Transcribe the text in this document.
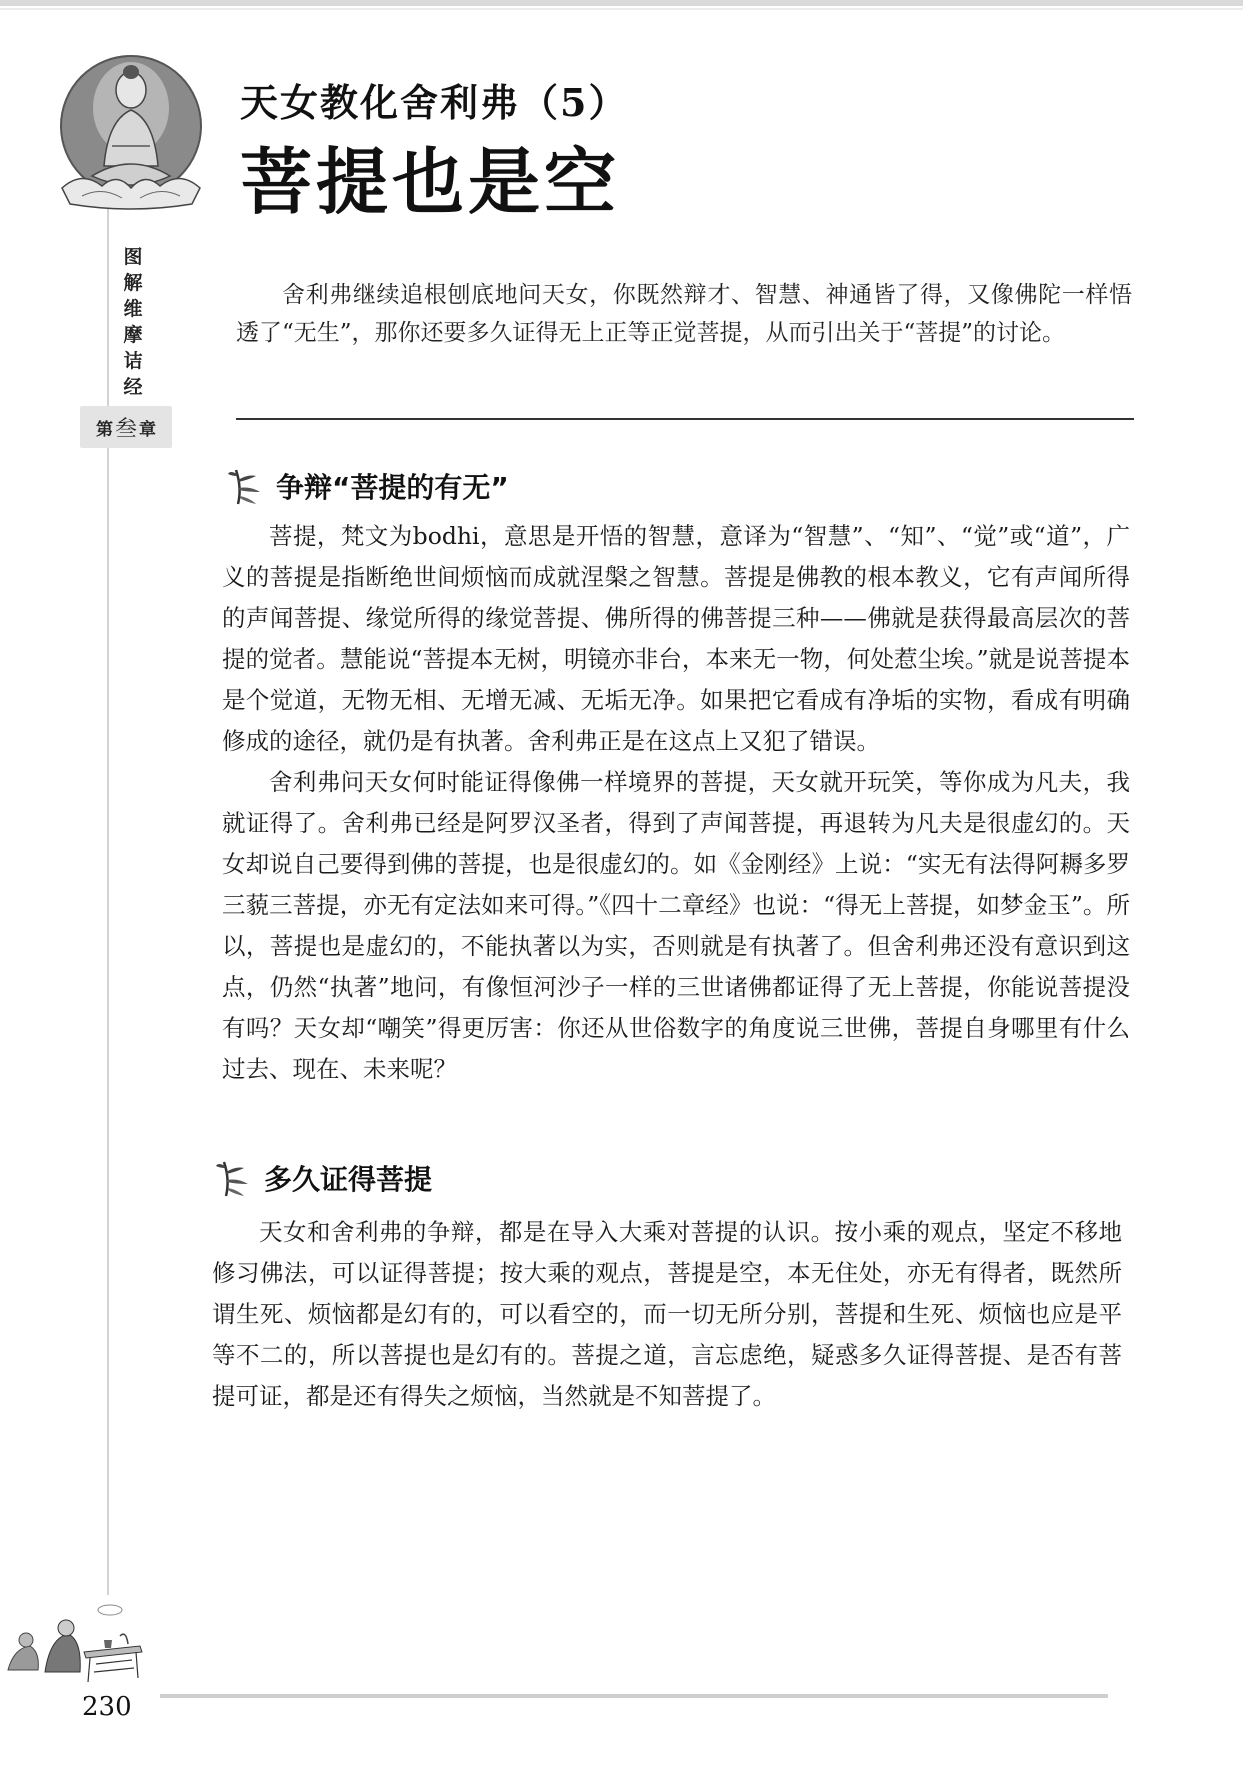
图
解
维
摩
诘
经
第 叁 章
天女教化舍利弗（5）
菩提也是空
舍利弗继续追根刨底地问天女，你既然辩才、智慧、神通皆了得，又像佛陀一样悟透了“无生”，那你还要多久证得无上正等正觉菩提，从而引出关于“菩提”的讨论。
争辩“菩提的有无”

菩提，梵文为bodhi，意思是开悟的智慧，意译为“智慧”、“知”、“觉”或“道”，广义的菩提是指断绝世间烦恼而成就涅槃之智慧。菩提是佛教的根本教义，它有声闻所得的声闻菩提、缘觉所得的缘觉菩提、佛所得的佛菩提三种——佛就是获得最高层次的菩提的觉者。慧能说“菩提本无树，明镜亦非台，本来无一物，何处惹尘埃。”就是说菩提本是个觉道，无物无相、无增无减、无垢无净。如果把它看成有净垢的实物，看成有明确修成的途径，就仍是有执著。舍利弗正是在这点上又犯了错误。

舍利弗问天女何时能证得像佛一样境界的菩提，天女就开玩笑，等你成为凡夫，我就证得了。舍利弗已经是阿罗汉圣者，得到了声闻菩提，再退转为凡夫是很虚幻的。天女却说自己要得到佛的菩提，也是很虚幻的。如《金刚经》上说：“实无有法得阿耨多罗三藐三菩提，亦无有定法如来可得。”《四十二章经》也说：“得无上菩提，如梦金玉”。所以，菩提也是虚幻的，不能执著以为实，否则就是有执著了。但舍利弗还没有意识到这点，仍然“执著”地问，有像恒河沙子一样的三世诸佛都证得了无上菩提，你能说菩提没有吗？天女却“嘲笑”得更厉害：你还从世俗数字的角度说三世佛，菩提自身哪里有什么过去、现在、未来呢？

多久证得菩提

天女和舍利弗的争辩，都是在导入大乘对菩提的认识。按小乘的观点，坚定不移地修习佛法，可以证得菩提；按大乘的观点，菩提是空，本无住处，亦无有得者，既然所谓生死、烦恼都是幻有的，可以看空的，而一切无所分别，菩提和生死、烦恼也应是平等不二的，所以菩提也是幻有的。菩提之道，言忘虑绝，疑惑多久证得菩提、是否有菩提可证，都是还有得失之烦恼，当然就是不知菩提了。

230
